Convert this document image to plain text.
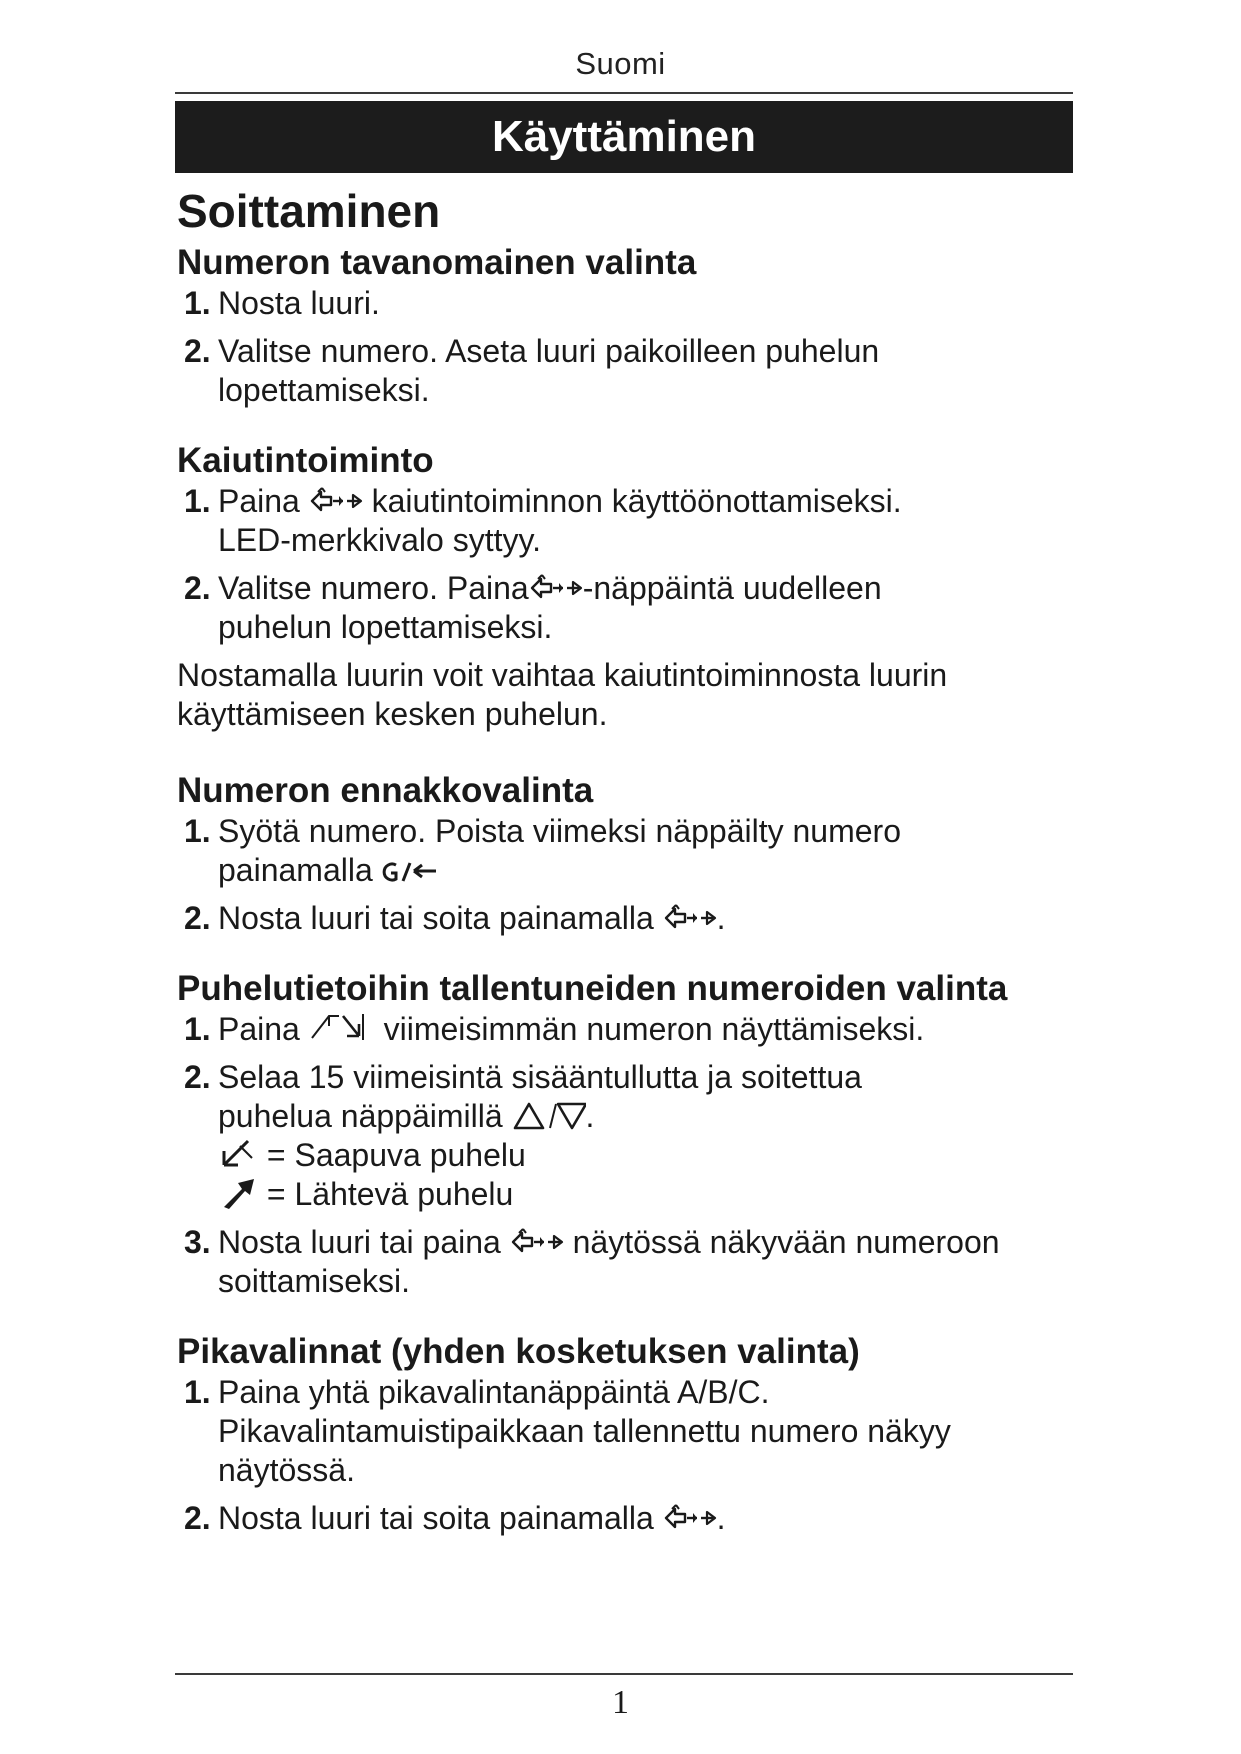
Suomi
Käyttäminen
Soittaminen
Numeron tavanomainen valinta
1. Nosta luuri.
2. Valitse numero. Aseta luuri paikoilleen puhelun
lopettamiseksi.
Kaiutintoiminto
1. Paina kaiutintoiminnon käyttöönottamiseksi.
LED-merkkivalo syttyy.
2. Valitse numero. Paina -näppäintä uudelleen
puhelun lopettamiseksi.

Nostamalla luurin voit vaihtaa kaiutintoiminnosta luurin
käyttämiseen kesken puhelun.

Numeron ennakkovalinta
1. Syötä numero. Poista viimeksi näppäilty numero
painamalla
2. Nosta luuri tai soita painamalla .
Puhelutietoihin tallentuneiden numeroiden valinta
1. Paina	viimeisimmän numeron näyttämiseksi.
2. Selaa 15 viimeisintä sisääntullutta ja soitettua
puhelua näppäimillä	.
= Saapuva puhelu
= Lähtevä puhelu
3. Nosta luuri tai paina näytössä näkyvään numeroon
soittamiseksi.
Pikavalinnat (yhden kosketuksen valinta)
1. Paina yhtä pikavalintanäppäintä A/B/C.
Pikavalintamuistipaikkaan tallennettu numero näkyy
näytössä.
2. Nosta luuri tai soita painamalla .
1
